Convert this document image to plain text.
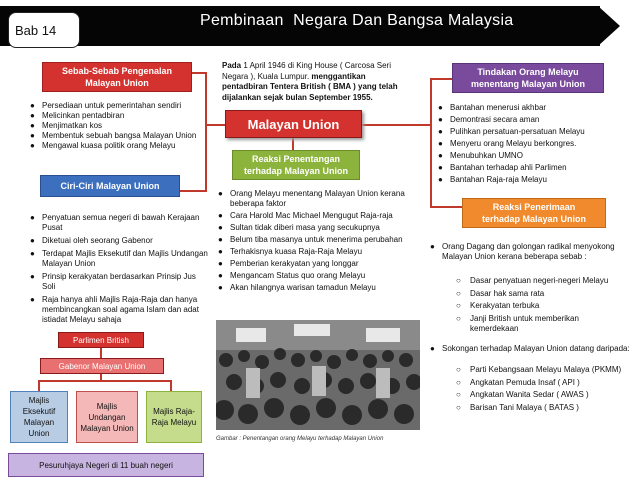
Bab 14
Pembinaan  Negara Dan Bangsa Malaysia
Sebab-Sebab Pengenalan Malayan Union
● Persediaan untuk pemerintahan sendiri
● Melicinkan pentadbiran
● Menjimatkan kos
● Membentuk sebuah bangsa Malayan Union
● Mengawal kuasa politik orang Melayu
Ciri-Ciri Malayan Union
● Penyatuan semua negeri di bawah Kerajaan Pusat
● Diketuai oleh seorang Gabenor
● Terdapat Majlis Eksekutif dan Majlis Undangan Malayan Union
● Prinsip kerakyatan berdasarkan Prinsip Jus Soli
● Raja hanya ahli Majlis Raja-Raja dan hanya membincangkan soal agama Islam dan adat istiadat Melayu sahaja
Pada 1 April 1946 di King House ( Carcosa Seri Negara ), Kuala Lumpur. menggantikan pentadbiran Tentera British ( BMA ) yang telah dijalankan sejak bulan September 1955.
Malayan Union
Reaksi Penentangan terhadap Malayan Union
● Orang Melayu menentang Malayan Union kerana beberapa faktor
● Cara Harold Mac Michael Mengugut Raja-raja
● Sultan tidak diberi masa yang secukupnya
● Belum tiba masanya untuk menerima perubahan
● Terhakisnya kuasa Raja-Raja Melayu
● Pemberian kerakyatan yang longgar
● Mengancam Status quo orang Melayu
● Akan hilangnya warisan tamadun Melayu
Gambar : Penentangan orang Melayu terhadap Malayan Union
Tindakan Orang Melayu menentang Malayan Union
● Bantahan menerusi akhbar
● Demontrasi secara aman
● Pulihkan persatuan-persatuan Melayu
● Menyeru orang Melayu berkongres.
● Menubuhkan UMNO
● Bantahan terhadap ahli Parlimen
● Bantahan Raja-raja Melayu
Reaksi Penerimaan terhadap Malayan Union
● Orang Dagang dan golongan radikal menyokong Malayan Union kerana beberapa sebab :
○ Dasar penyatuan negeri-negeri Melayu
○ Dasar hak sama rata
○ Kerakyatan terbuka
○ Janji British untuk memberikan kemerdekaan
● Sokongan terhadap Malayan Union datang daripada:
○ Parti Kebangsaan Melayu Malaya (PKMM)
○ Angkatan Pemuda Insaf ( API )
○ Angkatan Wanita Sedar ( AWAS )
○ Barisan Tani Malaya ( BATAS )
Parlimen British
Gabenor Malayan Union
Majlis Eksekutif Malayan Union
Majlis Undangan Malayan Union
Majlis Raja-Raja Melayu
Pesuruhjaya Negeri di 11 buah negeri
